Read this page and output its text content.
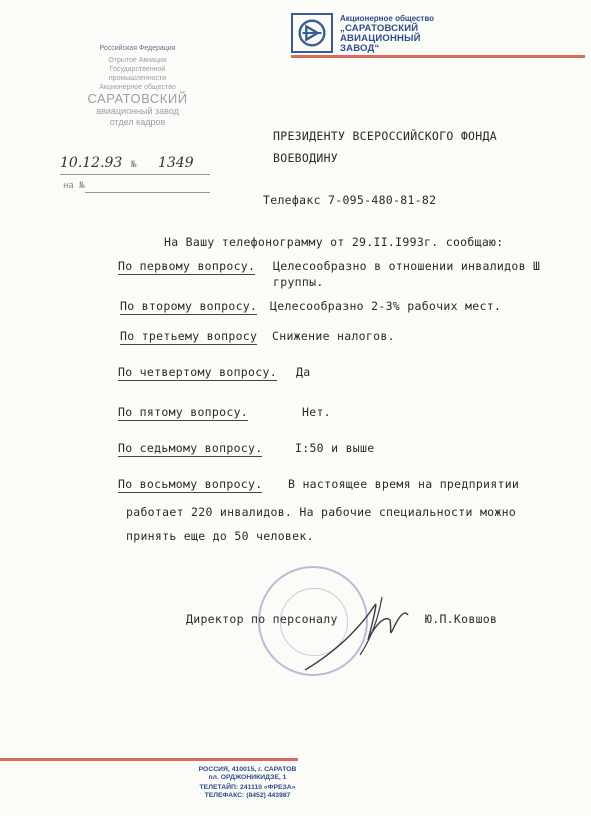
Акционерное общество
„САРАТОВСКИЙ
АВИАЦИОННЫЙ
ЗАВОД“
Российская Федерация
Отрытое Авиация
Государственной
промышленности
Акционерное общество
САРАТОВСКИЙ
авиационный завод
отдел кадров
10.12.93 № 1349
на №
ПРЕЗИДЕНТУ ВСЕРОССИЙСКОГО ФОНДА
ВОЕВОДИНУ
Телефакс 7-095-480-81-82
На Вашу телефонограмму от 29.II.I993г. сообщаю:
По первому вопросу. Целесообразно в отношении инвалидов Ш
группы.
По второму вопросу. Целесообразно 2-3% рабочих мест.
По третьему вопросу Снижение налогов.
По четвертому вопросу. Да
По пятому вопросу.	Нет.
По седьмому вопросу.	I:50 и выше
По восьмому вопросу. В настоящее время на предприятии
работает 220 инвалидов. На рабочие специальности можно
принять еще до 50 человек.
Директор по персоналу	Ю.П.Ковшов
РОССИЯ, 410015, г. САРАТОВ
пл. ОРДЖОНИКИДЗЕ, 1
ТЕЛЕТАЙП: 241110 «ФРЕЗА»
ТЕЛЕФАКС: (8452) 443987
